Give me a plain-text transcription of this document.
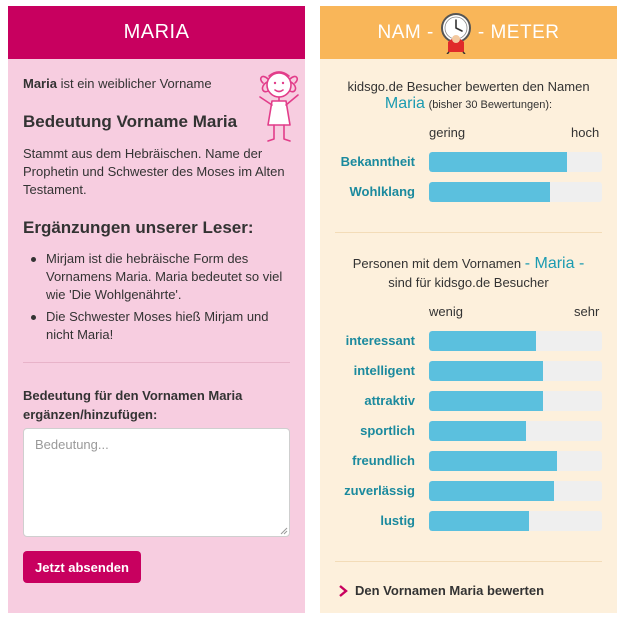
MARIA
Maria ist ein weiblicher Vorname
Bedeutung Vorname Maria

Stammt aus dem Hebräischen. Name der Prophetin und Schwester des Moses im Alten Testament.

Ergänzungen unserer Leser:
Mirjam ist die hebräische Form des Vornamens Maria. Maria bedeutet so viel wie 'Die Wohlgenährte'.
Die Schwester Moses hieß Mirjam und nicht Maria!
Bedeutung für den Vornamen Maria ergänzen/hinzufügen:
Bedeutung...
Jetzt absenden
NAM - - METER
kidsgo.de Besucher bewerten den Namen
Maria (bisher 30 Bewertungen):
gering	hoch
Bekanntheit
Wohlklang
Personen mit dem Vornamen - Maria -
sind für kidsgo.de Besucher
wenig	sehr
interessant
intelligent
attraktiv
sportlich
freundlich
zuverlässig
lustig
Den Vornamen Maria bewerten
